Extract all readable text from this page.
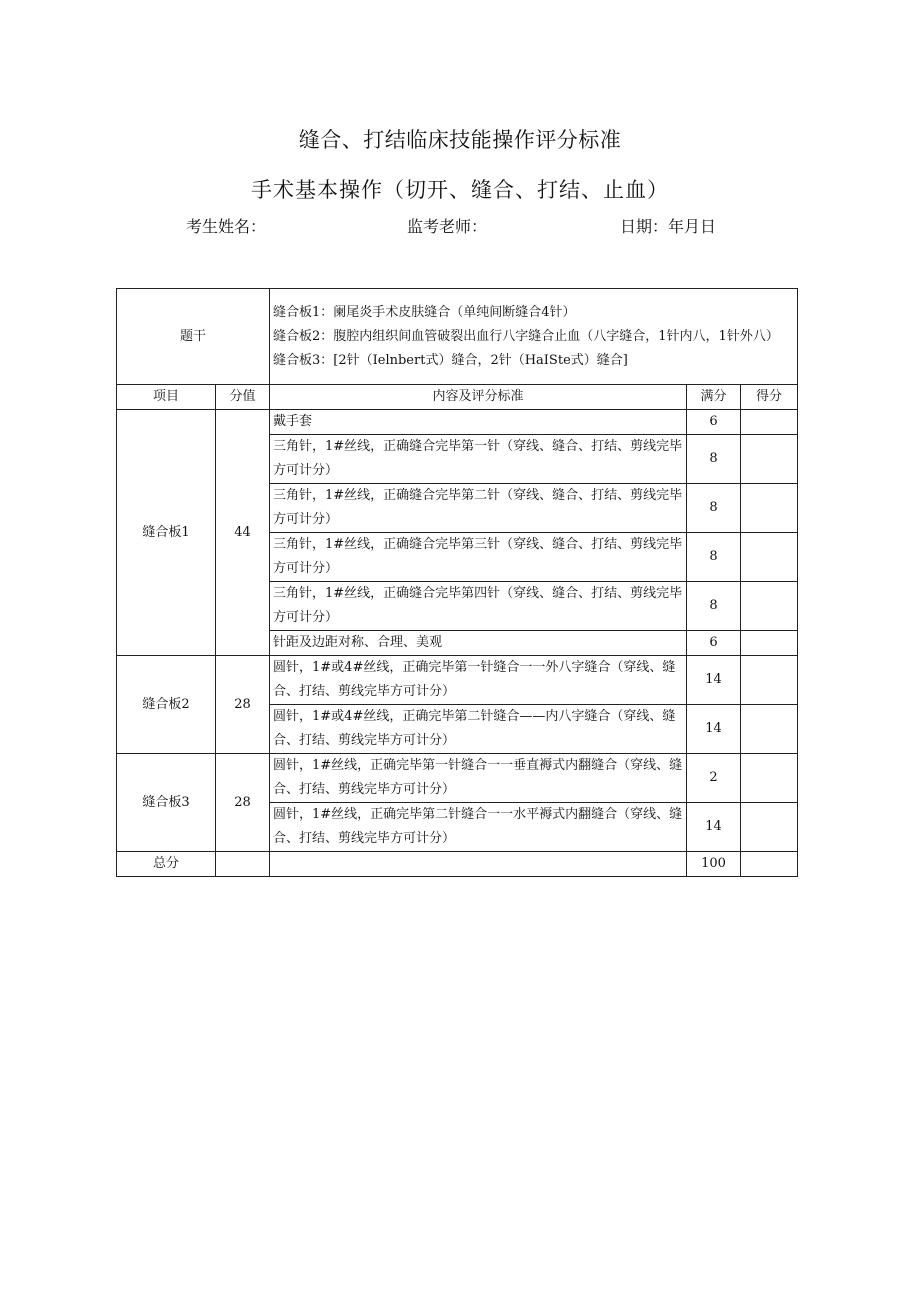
缝合、打结临床技能操作评分标准
手术基本操作（切开、缝合、打结、止血）
考生姓名：	监考老师：	日期：年月日
题干		缝合板1：阑尾炎手术皮肤缝合（单纯间断缝合4针）
缝合板2：腹腔内组织间血管破裂出血行八字缝合止血（八字缝合，1针内八，1针外八）
缝合板3：[2针（Ielnbert式）缝合，2针（HaISte式）缝合]		

项目	分值	内容及评分标准	满分	得分
缝合板1	44	戴手套	6	
		三角针，1#丝线，正确缝合完毕第一针（穿线、缝合、打结、剪线完毕方可计分）	8	
		三角针，1#丝线，正确缝合完毕第二针（穿线、缝合、打结、剪线完毕方可计分）	8	
		三角针，1#丝线，正确缝合完毕第三针（穿线、缝合、打结、剪线完毕方可计分）	8	
		三角针，1#丝线，正确缝合完毕第四针（穿线、缝合、打结、剪线完毕方可计分）	8	
		针距及边距对称、合理、美观	6	
缝合板2	28	圆针，1#或4#丝线，正确完毕第一针缝合一一外八字缝合（穿线、缝合、打结、剪线完毕方可计分）	14	
		圆针，1#或4#丝线，正确完毕第二针缝合——内八字缝合（穿线、缝合、打结、剪线完毕方可计分）	14	
缝合板3	28	圆针，1#丝线，正确完毕第一针缝合一一垂直褥式内翻缝合（穿线、缝合、打结、剪线完毕方可计分）	2	
		圆针，1#丝线，正确完毕第二针缝合一一水平褥式内翻缝合（穿线、缝合、打结、剪线完毕方可计分）	14	
总分			100	
